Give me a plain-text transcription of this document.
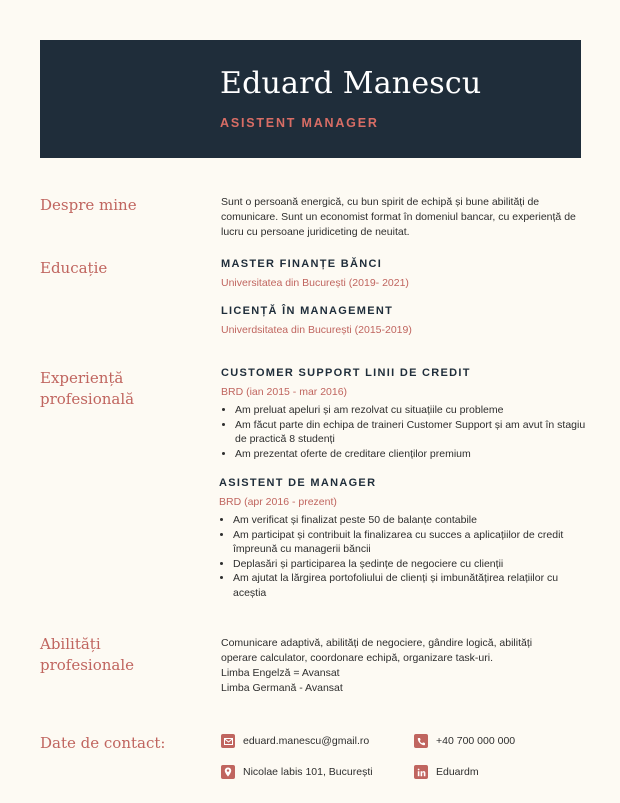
Eduard Manescu
ASISTENT MANAGER
Despre mine	Sunt o persoană energică, cu bun spirit de echipă și bune abilități de comunicare. Sunt un economist format în domeniul bancar, cu experiență de lucru cu persoane juridiceting de neuitat.
Educație	MASTER FINANȚE BĂNCI
Universitatea din București (2019- 2021)
LICENȚĂ ÎN MANAGEMENT
Univerdsitatea din București (2015-2019)
Experiență
profesională
CUSTOMER SUPPORT LINII DE CREDIT
BRD (ian 2015 - mar 2016)
• Am preluat apeluri și am rezolvat cu situațiile cu probleme
• Am făcut parte din echipa de traineri Customer Support și am avut în stagiu de practică 8 studenți
• Am prezentat oferte de creditare clienților premium
ASISTENT DE MANAGER
BRD (apr 2016 - prezent)
• Am verificat și finalizat peste 50 de balanțe contabile
• Am participat și contribuit la finalizarea cu succes a aplicațiilor de credit împreună cu managerii băncii
• Deplasări și participarea la ședințe de negociere cu clienții
• Am ajutat la lărgirea portofoliului de clienți și imbunătățirea relațiilor cu aceștia
Abilități
profesionale
Comunicare adaptivă, abilități de negociere, gândire logică, abilități operare calculator, coordonare echipă, organizare task-uri.
Limba Engelză = Avansat
Limba Germană - Avansat
Date de contact:	eduard.manescu@gmail.ro	+40 700 000 000
Nicolae labis 101, București	Eduardm
